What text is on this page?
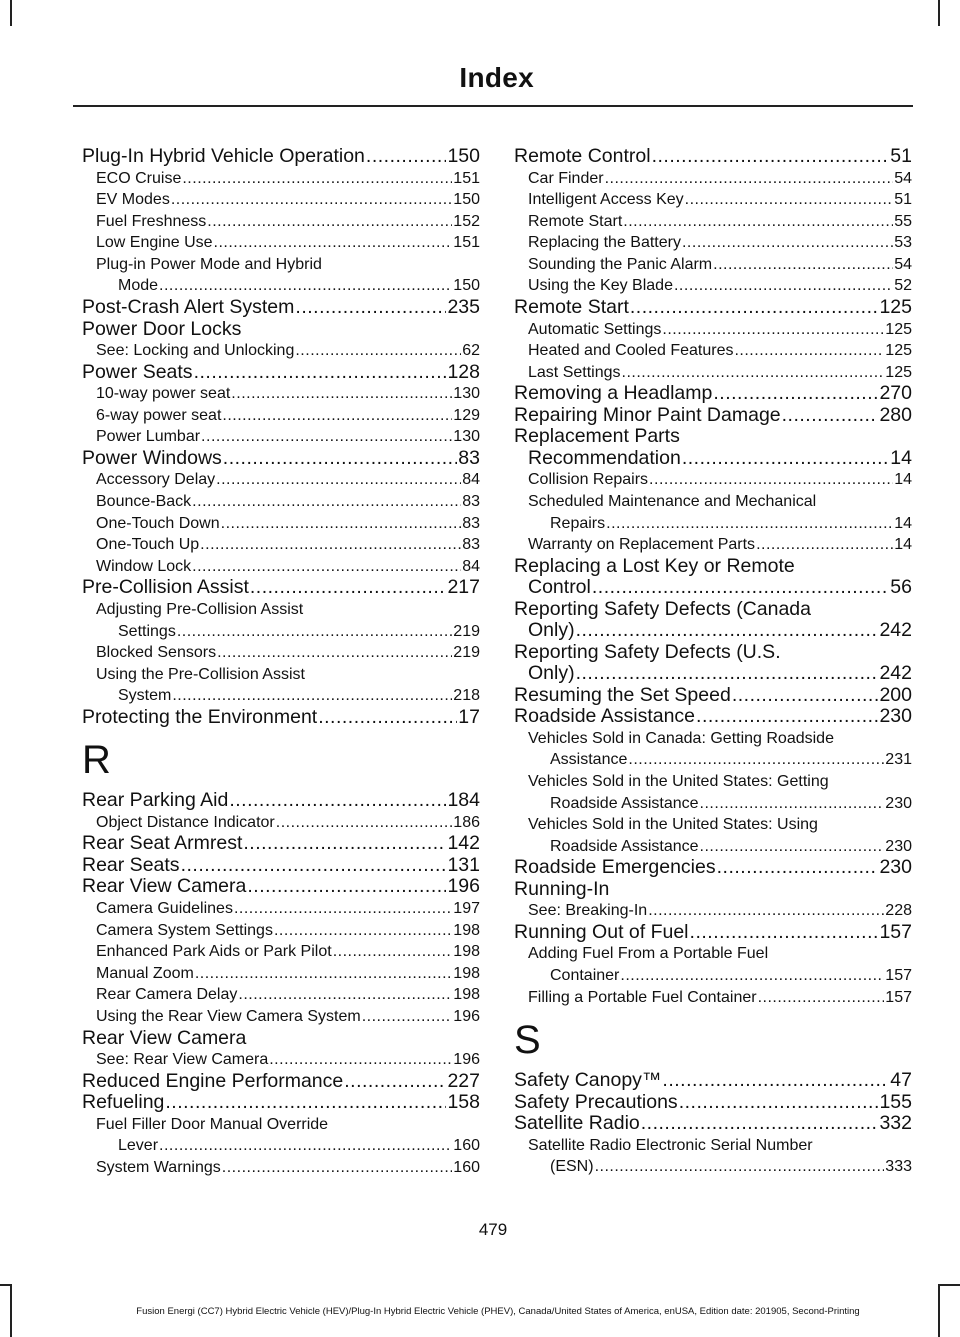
Index
Plug-In Hybrid Vehicle Operation .....	150
ECO Cruise .....	151
EV Modes .....	150
Fuel Freshness .....	152
Low Engine Use .....	151
Plug-in Power Mode and Hybrid
Mode .....	150
Post-Crash Alert System .....	235
Power Door Locks
See: Locking and Unlocking .....	62
Power Seats .....	128
10-way power seat .....	130
6-way power seat .....	129
Power Lumbar .....	130
Power Windows .....	83
Accessory Delay .....	84
Bounce-Back .....	83
One-Touch Down .....	83
One-Touch Up .....	83
Window Lock .....	84
Pre-Collision Assist .....	217
Adjusting Pre-Collision Assist
Settings .....	219
Blocked Sensors .....	219
Using the Pre-Collision Assist
System .....	218
Protecting the Environment .....	17
R
Rear Parking Aid .....	184
Object Distance Indicator .....	186
Rear Seat Armrest .....	142
Rear Seats .....	131
Rear View Camera .....	196
Camera Guidelines .....	197
Camera System Settings .....	198
Enhanced Park Aids or Park Pilot .....	198
Manual Zoom .....	198
Rear Camera Delay .....	198
Using the Rear View Camera System .....	196
Rear View Camera
See: Rear View Camera .....	196
Reduced Engine Performance .....	227
Refueling .....	158
Fuel Filler Door Manual Override
Lever .....	160
System Warnings .....	160
Remote Control .....	51
Car Finder .....	54
Intelligent Access Key .....	51
Remote Start .....	55
Replacing the Battery .....	53
Sounding the Panic Alarm .....	54
Using the Key Blade .....	52
Remote Start .....	125
Automatic Settings .....	125
Heated and Cooled Features .....	125
Last Settings .....	125
Removing a Headlamp .....	270
Repairing Minor Paint Damage .....	280
Replacement Parts
Recommendation .....	14
Collision Repairs .....	14
Scheduled Maintenance and Mechanical
Repairs .....	14
Warranty on Replacement Parts .....	14
Replacing a Lost Key or Remote
Control .....	56
Reporting Safety Defects (Canada
Only) .....	242
Reporting Safety Defects (U.S.
Only) .....	242
Resuming the Set Speed .....	200
Roadside Assistance .....	230
Vehicles Sold in Canada: Getting Roadside
Assistance .....	231
Vehicles Sold in the United States: Getting
Roadside Assistance .....	230
Vehicles Sold in the United States: Using
Roadside Assistance .....	230
Roadside Emergencies .....	230
Running-In
See: Breaking-In .....	228
Running Out of Fuel .....	157
Adding Fuel From a Portable Fuel
Container .....	157
Filling a Portable Fuel Container .....	157
S
Safety Canopy™ .....	47
Safety Precautions .....	155
Satellite Radio .....	332
Satellite Radio Electronic Serial Number
(ESN) .....	333
479
Fusion Energi (CC7) Hybrid Electric Vehicle (HEV)/Plug-In Hybrid Electric Vehicle (PHEV), Canada/United States of America, enUSA, Edition date: 201905, Second-Printing
